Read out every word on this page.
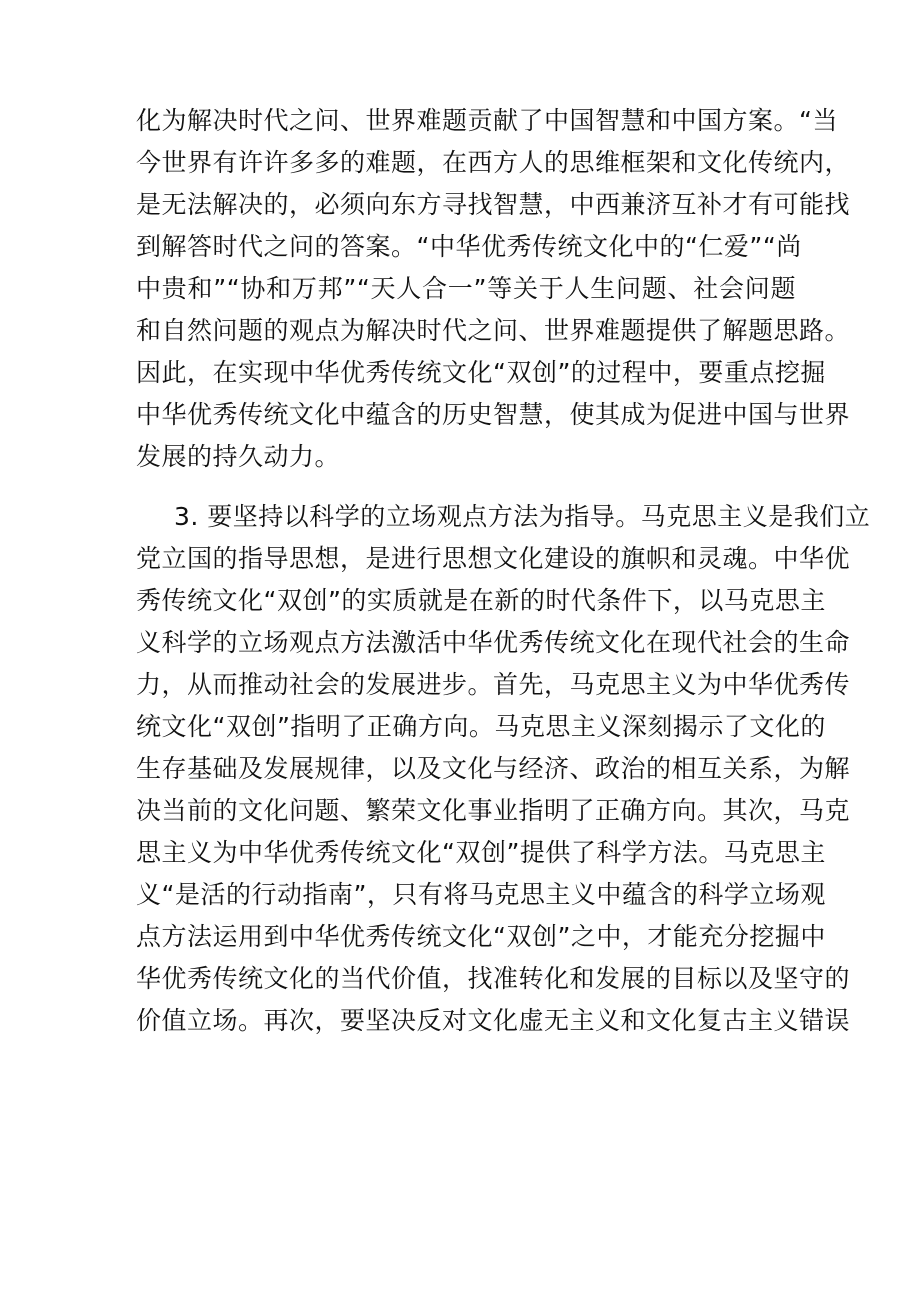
化为解决时代之问、世界难题贡献了中国智慧和中国方案。“当
今世界有许许多多的难题，在西方人的思维框架和文化传统内，
是无法解决的，必须向东方寻找智慧，中西兼济互补才有可能找
到解答时代之问的答案。“中华优秀传统文化中的“仁爱”“尚
中贵和”“协和万邦”“天人合一”等关于人生问题、社会问题
和自然问题的观点为解决时代之问、世界难题提供了解题思路。
因此，在实现中华优秀传统文化“双创”的过程中，要重点挖掘
中华优秀传统文化中蕴含的历史智慧，使其成为促进中国与世界
发展的持久动力。
3. 要坚持以科学的立场观点方法为指导。马克思主义是我们立
党立国的指导思想，是进行思想文化建设的旗帜和灵魂。中华优
秀传统文化“双创”的实质就是在新的时代条件下，以马克思主
义科学的立场观点方法激活中华优秀传统文化在现代社会的生命
力，从而推动社会的发展进步。首先，马克思主义为中华优秀传
统文化“双创”指明了正确方向。马克思主义深刻揭示了文化的
生存基础及发展规律，以及文化与经济、政治的相互关系，为解
决当前的文化问题、繁荣文化事业指明了正确方向。其次，马克
思主义为中华优秀传统文化“双创”提供了科学方法。马克思主
义“是活的行动指南”，只有将马克思主义中蕴含的科学立场观
点方法运用到中华优秀传统文化“双创”之中，才能充分挖掘中
华优秀传统文化的当代价值，找准转化和发展的目标以及坚守的
价值立场。再次，要坚决反对文化虚无主义和文化复古主义错误
